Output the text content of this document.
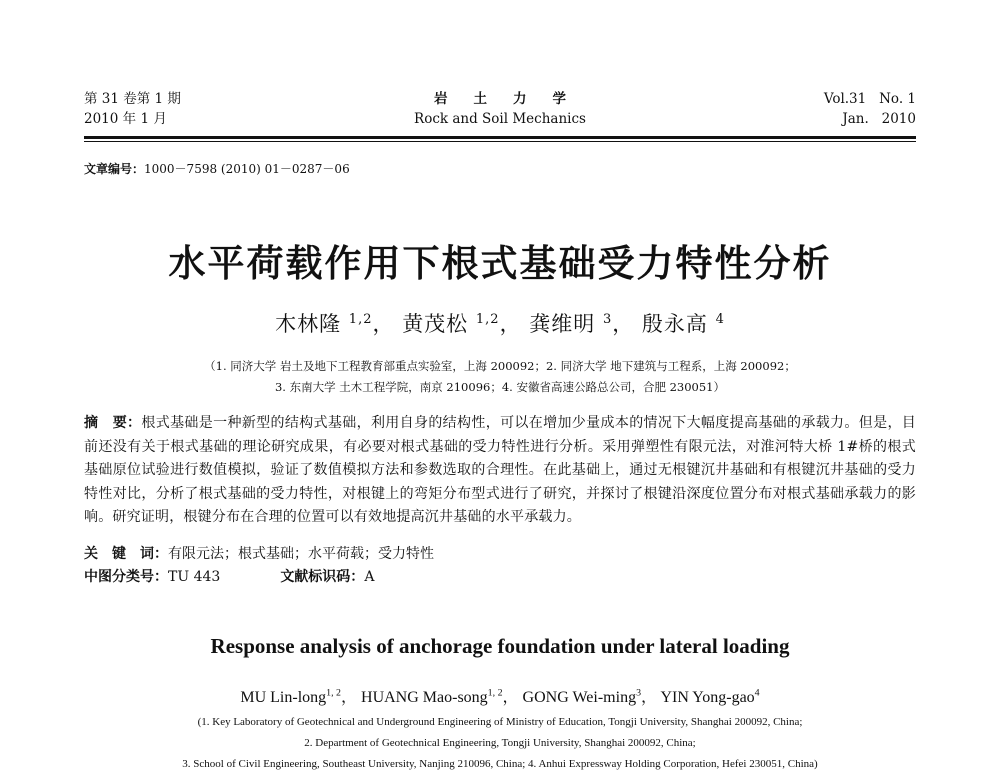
第 31 卷第 1 期
2010 年 1 月
岩土力学
Rock and Soil Mechanics
Vol.31   No. 1
Jan.   2010
文章编号：1000－7598 (2010) 01－0287－06
水平荷载作用下根式基础受力特性分析
木林隆 $^{1,2}$， 黄茂松 $^{1,2}$， 龚维明 $^3$， 殷永高 $^4$
（1. 同济大学 岩土及地下工程教育部重点实验室，上海 200092；2. 同济大学 地下建筑与工程系，上海 200092；
3. 东南大学 土木工程学院，南京 210096；4. 安徽省高速公路总公司，合肥 230051）
摘　要：根式基础是一种新型的结构式基础，利用自身的结构性，可以在增加少量成本的情况下大幅度提高基础的承载力。但是，目前还没有关于根式基础的理论研究成果，有必要对根式基础的受力特性进行分析。采用弹塑性有限元法，对淮河特大桥 1#桥的根式基础原位试验进行数值模拟，验证了数值模拟方法和参数选取的合理性。在此基础上，通过无根键沉井基础和有根键沉井基础的受力特性对比，分析了根式基础的受力特性，对根键上的弯矩分布型式进行了研究，并探讨了根键沿深度位置分布对根式基础承载力的影响。研究证明，根键分布在合理的位置可以有效地提高沉井基础的水平承载力。
关　键　词：有限元法；根式基础；水平荷载；受力特性
中图分类号：TU 443	文献标识码：A
Response analysis of anchorage foundation under lateral loading
MU Lin-long$^{1, 2}$， HUANG Mao-song$^{1, 2}$， GONG Wei-ming$^3$， YIN Yong-gao$^4$
(1. Key Laboratory of Geotechnical and Underground Engineering of Ministry of Education, Tongji University, Shanghai 200092, China;
2. Department of Geotechnical Engineering, Tongji University, Shanghai 200092, China;
3. School of Civil Engineering, Southeast University, Nanjing 210096, China; 4. Anhui Expressway Holding Corporation, Hefei 230051, China)
